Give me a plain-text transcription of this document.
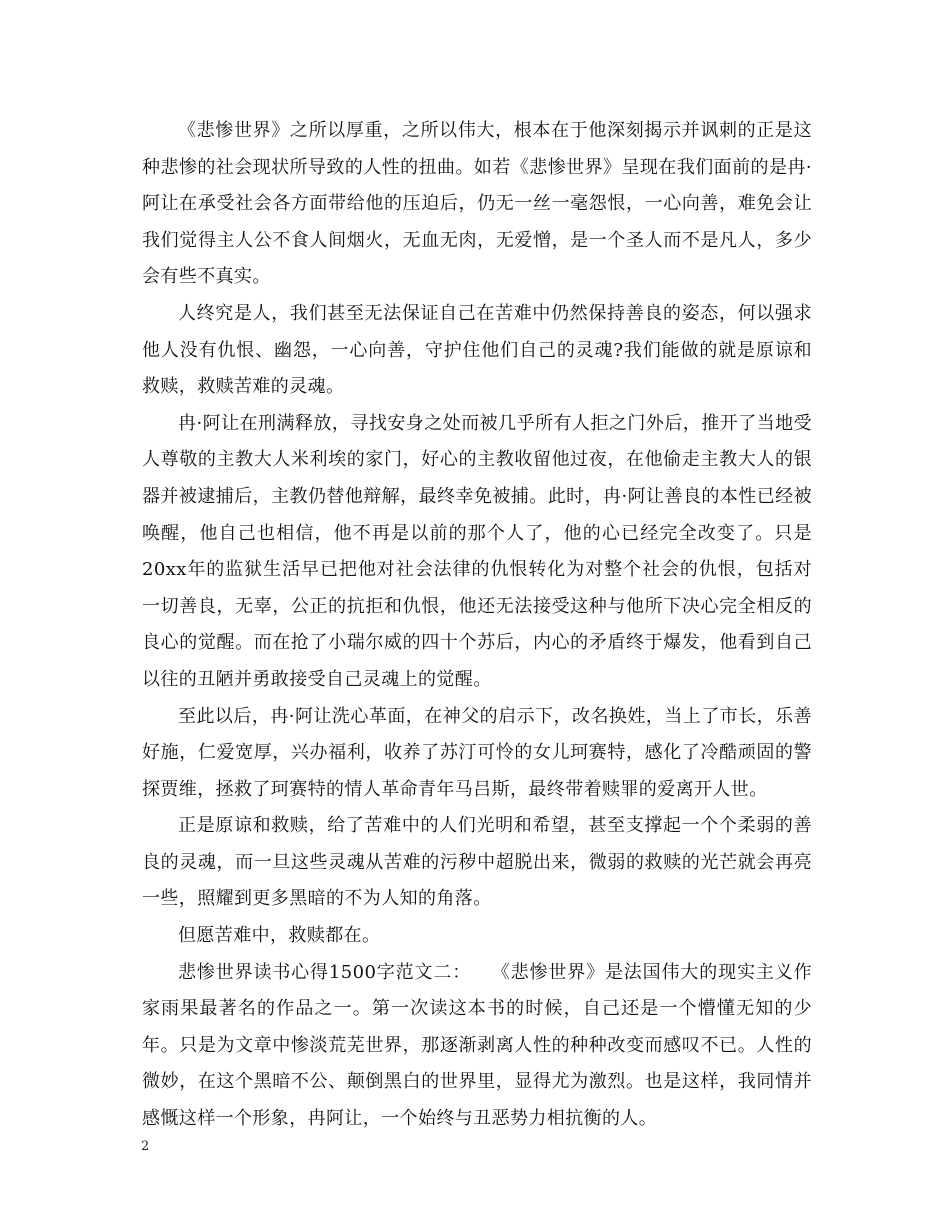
《悲惨世界》之所以厚重，之所以伟大，根本在于他深刻揭示并讽刺的正是这种悲惨的社会现状所导致的人性的扭曲。如若《悲惨世界》呈现在我们面前的是冉·阿让在承受社会各方面带给他的压迫后，仍无一丝一毫怨恨，一心向善，难免会让我们觉得主人公不食人间烟火，无血无肉，无爱憎，是一个圣人而不是凡人，多少会有些不真实。

人终究是人，我们甚至无法保证自己在苦难中仍然保持善良的姿态，何以强求他人没有仇恨、幽怨，一心向善，守护住他们自己的灵魂?我们能做的就是原谅和救赎，救赎苦难的灵魂。

冉·阿让在刑满释放，寻找安身之处而被几乎所有人拒之门外后，推开了当地受人尊敬的主教大人米利埃的家门，好心的主教收留他过夜，在他偷走主教大人的银器并被逮捕后，主教仍替他辩解，最终幸免被捕。此时，冉·阿让善良的本性已经被唤醒，他自己也相信，他不再是以前的那个人了，他的心已经完全改变了。只是20xx年的监狱生活早已把他对社会法律的仇恨转化为对整个社会的仇恨，包括对一切善良，无辜，公正的抗拒和仇恨，他还无法接受这种与他所下决心完全相反的良心的觉醒。而在抢了小瑞尔威的四十个苏后，内心的矛盾终于爆发，他看到自己以往的丑陋并勇敢接受自己灵魂上的觉醒。

至此以后，冉·阿让洗心革面，在神父的启示下，改名换姓，当上了市长，乐善好施，仁爱宽厚，兴办福利，收养了苏汀可怜的女儿珂赛特，感化了冷酷顽固的警探贾维，拯救了珂赛特的情人革命青年马吕斯，最终带着赎罪的爱离开人世。

正是原谅和救赎，给了苦难中的人们光明和希望，甚至支撑起一个个柔弱的善良的灵魂，而一旦这些灵魂从苦难的污秽中超脱出来，微弱的救赎的光芒就会再亮一些，照耀到更多黑暗的不为人知的角落。

但愿苦难中，救赎都在。

悲惨世界读书心得1500字范文二：	《悲惨世界》是法国伟大的现实主义作家雨果最著名的作品之一。第一次读这本书的时候，自己还是一个懵懂无知的少年。只是为文章中惨淡荒芜世界，那逐渐剥离人性的种种改变而感叹不已。人性的微妙，在这个黑暗不公、颠倒黑白的世界里，显得尤为激烈。也是这样，我同情并感慨这样一个形象，冉阿让，一个始终与丑恶势力相抗衡的人。

2
